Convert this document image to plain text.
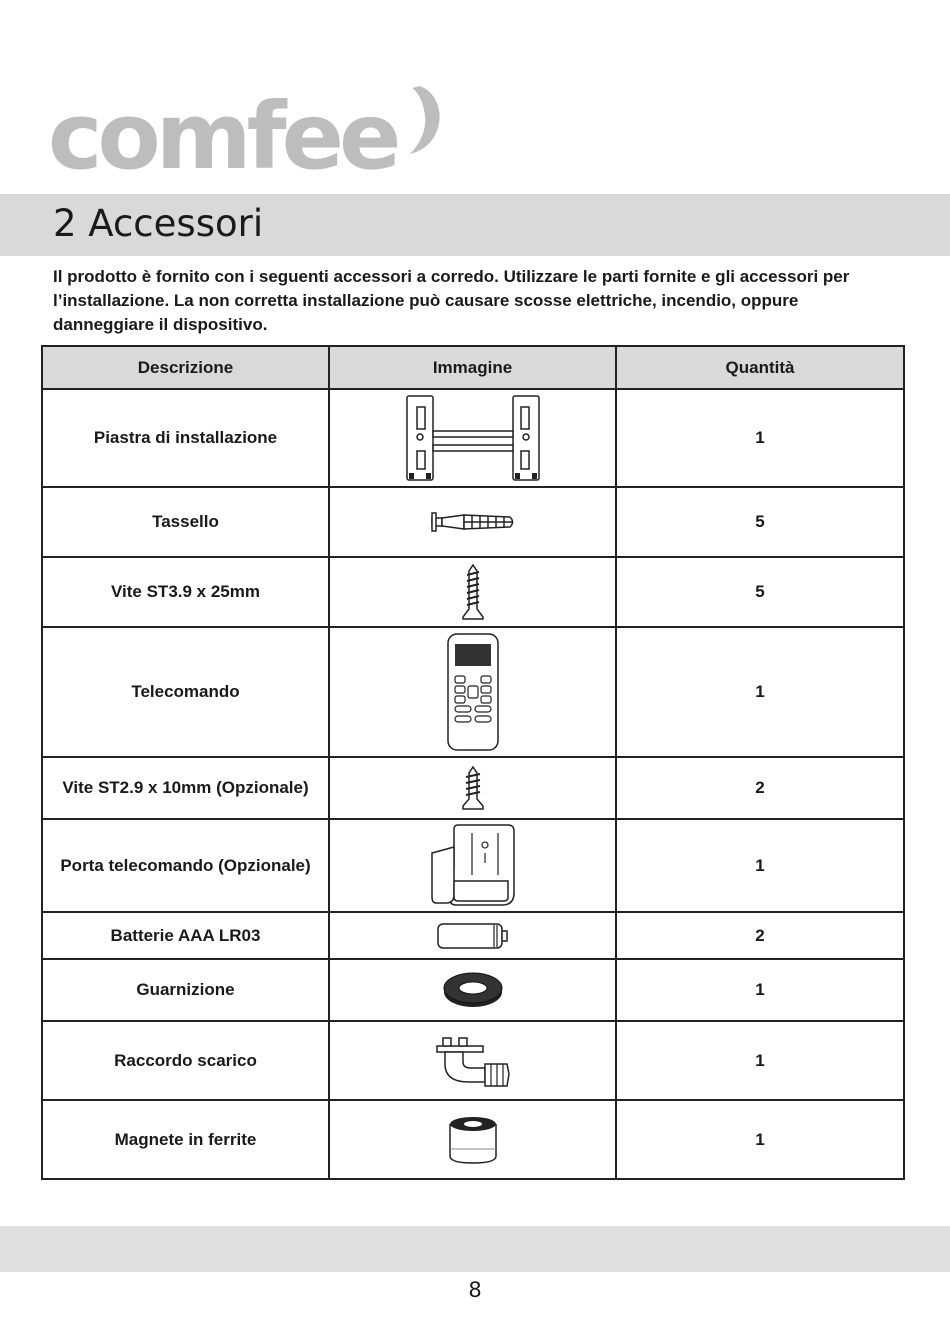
comfee
2 Accessori

Il prodotto è fornito con i seguenti accessori a corredo. Utilizzare le parti fornite e gli accessori per l’installazione. La non corretta installazione può causare scosse elettriche, incendio, oppure danneggiare il dispositivo.

Descrizione	Immagine	Quantità
Piastra di installazione		1
Tassello		5
Vite ST3.9 x 25mm		5
Telecomando		1
Vite ST2.9 x 10mm (Opzionale)		2
Porta telecomando (Opzionale)		1
Batterie AAA LR03		2
Guarnizione		1
Raccordo scarico		1
Magnete in ferrite		1
8
